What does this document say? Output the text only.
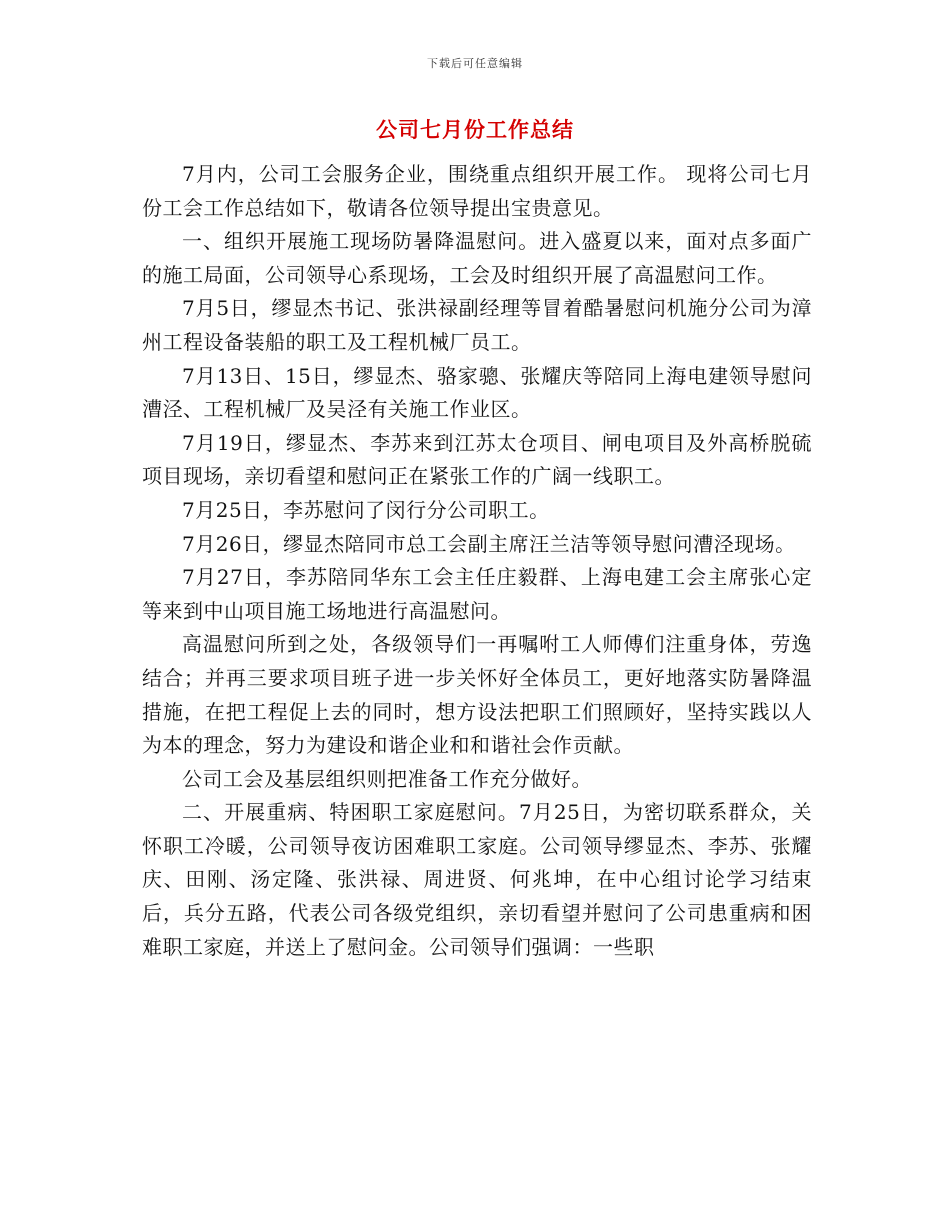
下载后可任意编辑
公司七月份工作总结

7月内，公司工会服务企业，围绕重点组织开展工作。 现将公司七月份工会工作总结如下，敬请各位领导提出宝贵意见。

一、组织开展施工现场防暑降温慰问。进入盛夏以来，面对点多面广的施工局面，公司领导心系现场，工会及时组织开展了高温慰问工作。

7月5日，缪显杰书记、张洪禄副经理等冒着酷暑慰问机施分公司为漳州工程设备装船的职工及工程机械厂员工。

7月13日、15日，缪显杰、骆家骢、张耀庆等陪同上海电建领导慰问漕泾、工程机械厂及吴泾有关施工作业区。

7月19日，缪显杰、李苏来到江苏太仓项目、闸电项目及外高桥脱硫项目现场，亲切看望和慰问正在紧张工作的广阔一线职工。

7月25日，李苏慰问了闵行分公司职工。

7月26日，缪显杰陪同市总工会副主席汪兰洁等领导慰问漕泾现场。

7月27日，李苏陪同华东工会主任庄毅群、上海电建工会主席张心定等来到中山项目施工场地进行高温慰问。

高温慰问所到之处，各级领导们一再嘱咐工人师傅们注重身体，劳逸结合；并再三要求项目班子进一步关怀好全体员工，更好地落实防暑降温措施，在把工程促上去的同时，想方设法把职工们照顾好，坚持实践以人为本的理念，努力为建设和谐企业和和谐社会作贡献。

公司工会及基层组织则把准备工作充分做好。

二、开展重病、特困职工家庭慰问。7月25日，为密切联系群众，关怀职工冷暖，公司领导夜访困难职工家庭。公司领导缪显杰、李苏、张耀庆、田刚、汤定隆、张洪禄、周进贤、何兆坤，在中心组讨论学习结束后，兵分五路，代表公司各级党组织，亲切看望并慰问了公司患重病和困难职工家庭，并送上了慰问金。公司领导们强调：一些职
